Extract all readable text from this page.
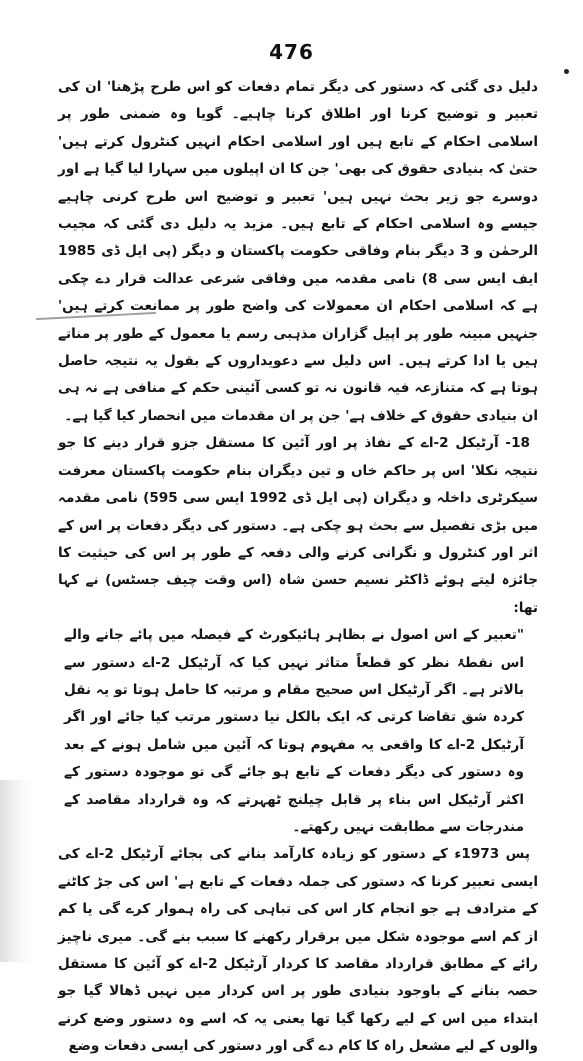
476

دلیل دی گئی کہ دستور کی دیگر تمام دفعات کو اس طرح پڑھنا' ان کی تعبیر و توضیح کرنا اور اطلاق کرنا چاہیے۔ گویا وہ ضمنی طور پر اسلامی احکام کے تابع ہیں اور اسلامی احکام انہیں کنٹرول کرتے ہیں' حتیٰ کہ بنیادی حقوق کی بھی' جن کا ان اپیلوں میں سہارا لیا گیا ہے اور دوسرے جو زیر بحث نہیں ہیں' تعبیر و توضیح اس طرح کرنی چاہیے جیسے وہ اسلامی احکام کے تابع ہیں۔ مزید یہ دلیل دی گئی کہ مجیب الرحمٰن و 3 دیگر بنام وفاقی حکومت پاکستان و دیگر (پی ایل ڈی 1985 ایف ایس سی 8) نامی مقدمہ میں وفاقی شرعی عدالت قرار دے چکی ہے کہ اسلامی احکام ان معمولات کی واضح طور پر ممانعت کرتے ہیں' جنہیں مبینہ طور پر اپیل گزاران مذہبی رسم یا معمول کے طور پر مناتے ہیں یا ادا کرتے ہیں۔ اس دلیل سے دعویداروں کے بقول یہ نتیجہ حاصل ہوتا ہے کہ متنازعہ فیہ قانون نہ تو کسی آئینی حکم کے منافی ہے نہ ہی ان بنیادی حقوق کے خلاف ہے' جن پر ان مقدمات میں انحصار کیا گیا ہے۔

18- آرٹیکل 2-اے کے نفاذ پر اور آئین کا مستقل جزو قرار دینے کا جو نتیجہ نکلا' اس پر حاکم خاں و تین دیگران بنام حکومت پاکستان معرفت سیکرٹری داخلہ و دیگران (پی ایل ڈی 1992 ایس سی 595) نامی مقدمہ میں بڑی تفصیل سے بحث ہو چکی ہے۔ دستور کی دیگر دفعات پر اس کے اثر اور کنٹرول و نگرانی کرنے والی دفعہ کے طور پر اس کی حیثیت کا جائزہ لیتے ہوئے ڈاکٹر نسیم حسن شاہ (اس وقت چیف جسٹس) نے کہا تھا:

"تعبیر کے اس اصول نے بظاہر ہائیکورٹ کے فیصلہ میں پائے جانے والے اس نقطۂ نظر کو قطعاً متاثر نہیں کیا کہ آرٹیکل 2-اے دستور سے بالاتر ہے۔ اگر آرٹیکل اس صحیح مقام و مرتبہ کا حامل ہوتا تو یہ نقل کردہ شق تقاضا کرتی کہ ایک بالکل نیا دستور مرتب کیا جائے اور اگر آرٹیکل 2-اے کا واقعی یہ مفہوم ہوتا کہ آئین میں شامل ہونے کے بعد وہ دستور کی دیگر دفعات کے تابع ہو جائے گی تو موجودہ دستور کے اکثر آرٹیکل اس بناء پر قابل چیلنج ٹھہرتے کہ وہ قرارداد مقاصد کے مندرجات سے مطابقت نہیں رکھتے۔

پس 1973ء کے دستور کو زیادہ کارآمد بنانے کی بجائے آرٹیکل 2-اے کی ایسی تعبیر کرنا کہ دستور کی جملہ دفعات کے تابع ہے' اس کی جڑ کاٹنے کے مترادف ہے جو انجام کار اس کی تباہی کی راہ ہموار کرے گی یا کم از کم اسے موجودہ شکل میں برقرار رکھنے کا سبب بنے گی۔ میری ناچیز رائے کے مطابق قرارداد مقاصد کا کردار آرٹیکل 2-اے کو آئین کا مستقل حصہ بنانے کے باوجود بنیادی طور پر اس کردار میں نہیں ڈھالا گیا جو ابتداء میں اس کے لیے رکھا گیا تھا یعنی یہ کہ اسے وہ دستور وضع کرنے والوں کے لیے مشعل راہ کا کام دے گی اور دستور کی ایسی دفعات وضع
